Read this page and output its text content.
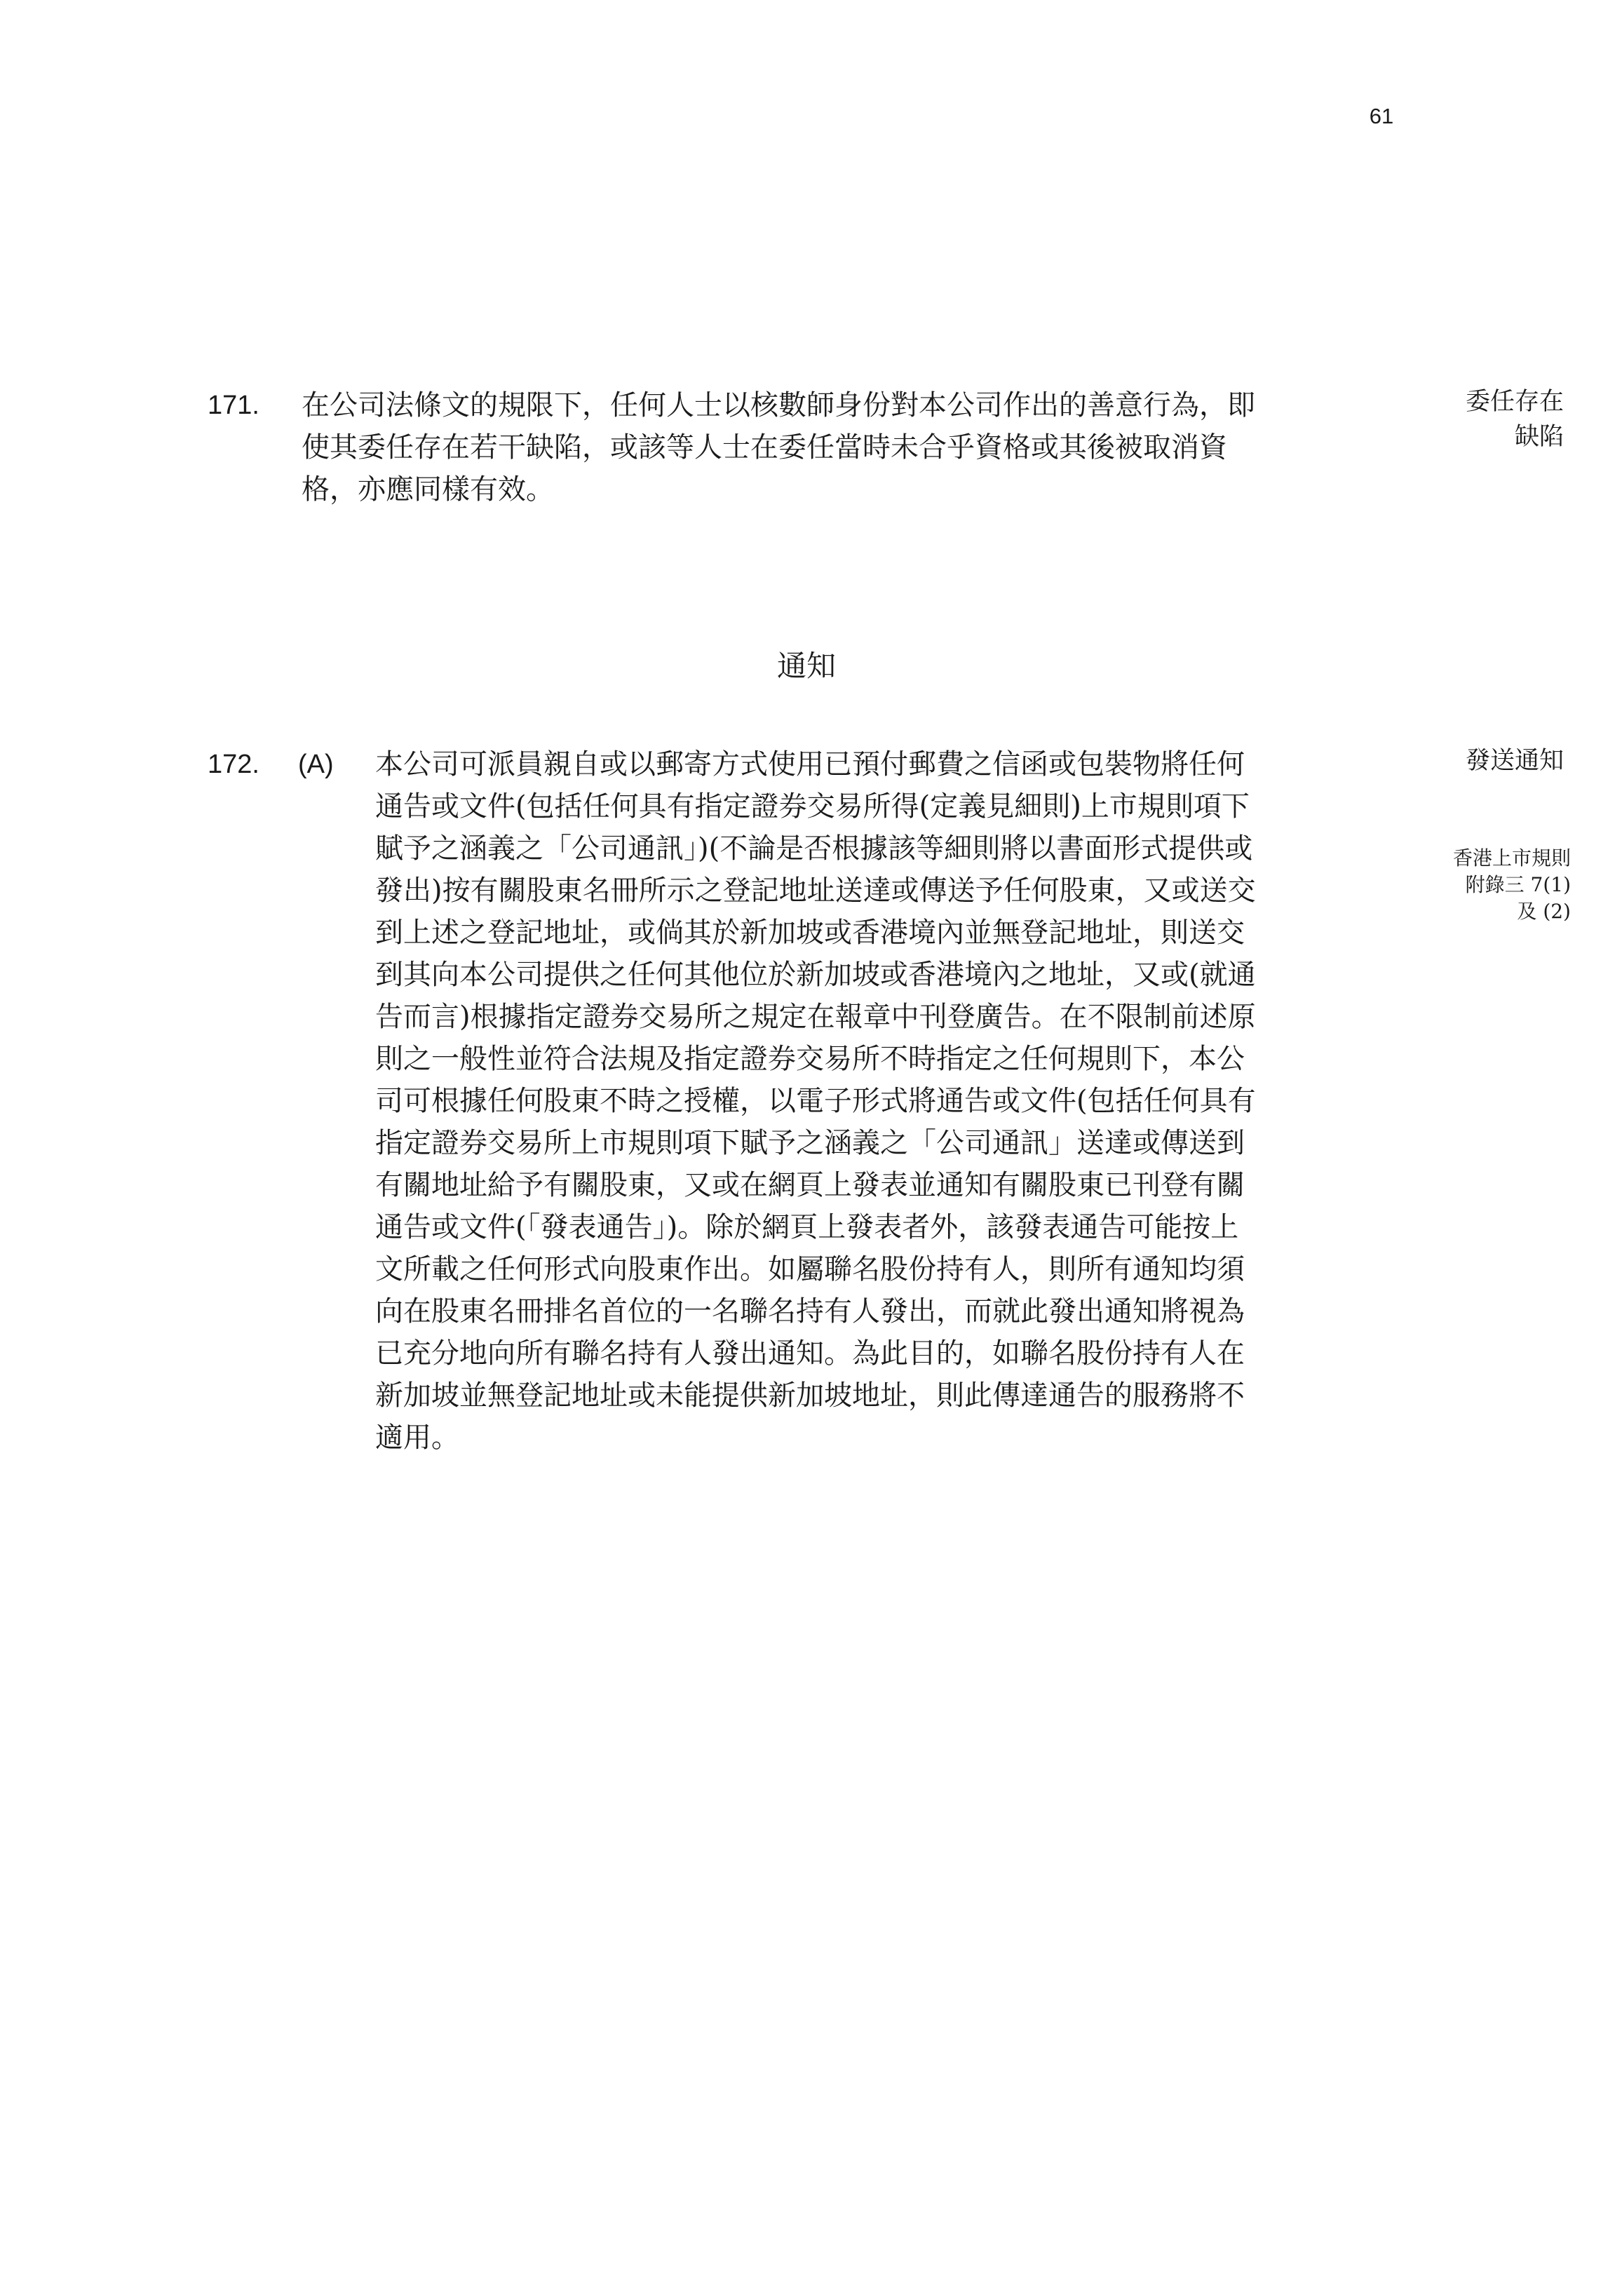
61
171. 在公司法條文的規限下，任何人士以核數師身份對本公司作出的善意行為，即
使其委任存在若干缺陷，或該等人士在委任當時未合乎資格或其後被取消資
格，亦應同樣有效。
委任存在
缺陷
通知
172. (A) 本公司可派員親自或以郵寄方式使用已預付郵費之信函或包裝物將任何
通告或文件(包括任何具有指定證券交易所得(定義見細則)上市規則項下
賦予之涵義之「公司通訊」)(不論是否根據該等細則將以書面形式提供或
發出)按有關股東名冊所示之登記地址送達或傳送予任何股東，又或送交
到上述之登記地址，或倘其於新加坡或香港境內並無登記地址，則送交
到其向本公司提供之任何其他位於新加坡或香港境內之地址，又或(就通
告而言)根據指定證券交易所之規定在報章中刊登廣告。在不限制前述原
則之一般性並符合法規及指定證券交易所不時指定之任何規則下，本公
司可根據任何股東不時之授權，以電子形式將通告或文件(包括任何具有
指定證券交易所上市規則項下賦予之涵義之「公司通訊」送達或傳送到
有關地址給予有關股東，又或在網頁上發表並通知有關股東已刊登有關
通告或文件(「發表通告」)。除於網頁上發表者外，該發表通告可能按上
文所載之任何形式向股東作出。如屬聯名股份持有人，則所有通知均須
向在股東名冊排名首位的一名聯名持有人發出，而就此發出通知將視為
已充分地向所有聯名持有人發出通知。為此目的，如聯名股份持有人在
新加坡並無登記地址或未能提供新加坡地址，則此傳達通告的服務將不
適用。
發送通知
香港上市規則
附錄三 7(1)
及 (2)
